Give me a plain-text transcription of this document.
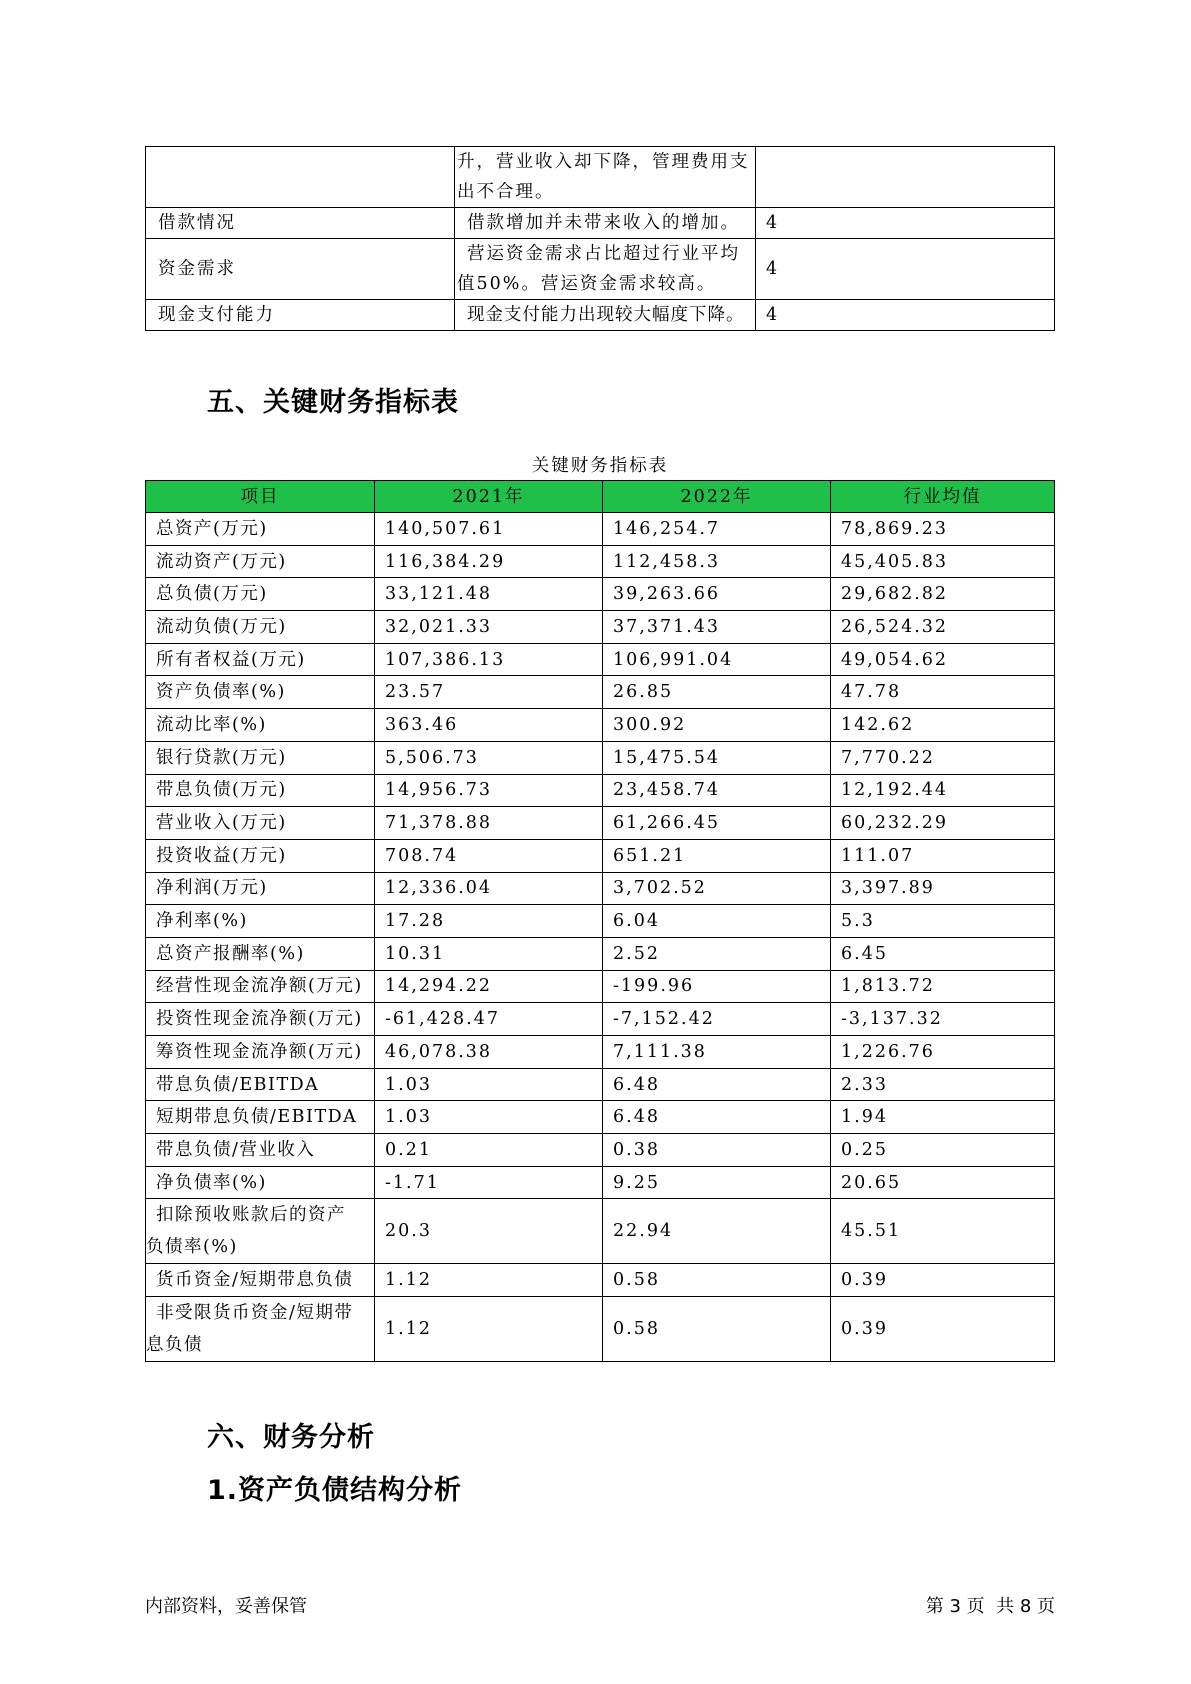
	升，营业收入却下降，管理费用支
出不合理。	

借款情况	借款增加并未带来收入的增加。	4
资金需求	营运资金需求占比超过行业平均
值50%。营运资金需求较高。	4
现金支付能力	现金支付能力出现较大幅度下降。	4
五、关键财务指标表
关键财务指标表
项目	2021年	2022年	行业均值
总资产(万元)	140,507.61	146,254.7	78,869.23
流动资产(万元)	116,384.29	112,458.3	45,405.83
总负债(万元)	33,121.48	39,263.66	29,682.82
流动负债(万元)	32,021.33	37,371.43	26,524.32
所有者权益(万元)	107,386.13	106,991.04	49,054.62
资产负债率(%)	23.57	26.85	47.78
流动比率(%)	363.46	300.92	142.62
银行贷款(万元)	5,506.73	15,475.54	7,770.22
带息负债(万元)	14,956.73	23,458.74	12,192.44
营业收入(万元)	71,378.88	61,266.45	60,232.29
投资收益(万元)	708.74	651.21	111.07
净利润(万元)	12,336.04	3,702.52	3,397.89
净利率(%)	17.28	6.04	5.3
总资产报酬率(%)	10.31	2.52	6.45
经营性现金流净额(万元)	14,294.22	-199.96	1,813.72
投资性现金流净额(万元)	-61,428.47	-7,152.42	-3,137.32
筹资性现金流净额(万元)	46,078.38	7,111.38	1,226.76
带息负债/EBITDA	1.03	6.48	2.33
短期带息负债/EBITDA	1.03	6.48	1.94
带息负债/营业收入	0.21	0.38	0.25
净负债率(%)	-1.71	9.25	20.65

扣除预收账款后的资产
负债率(%)	20.3	22.94	45.51

货币资金/短期带息负债	1.12	0.58	0.39

非受限货币资金/短期带
息负债	1.12	0.58	0.39
六、财务分析
1.资产负债结构分析
内部资料，妥善保管	第 3 页  共 8 页
